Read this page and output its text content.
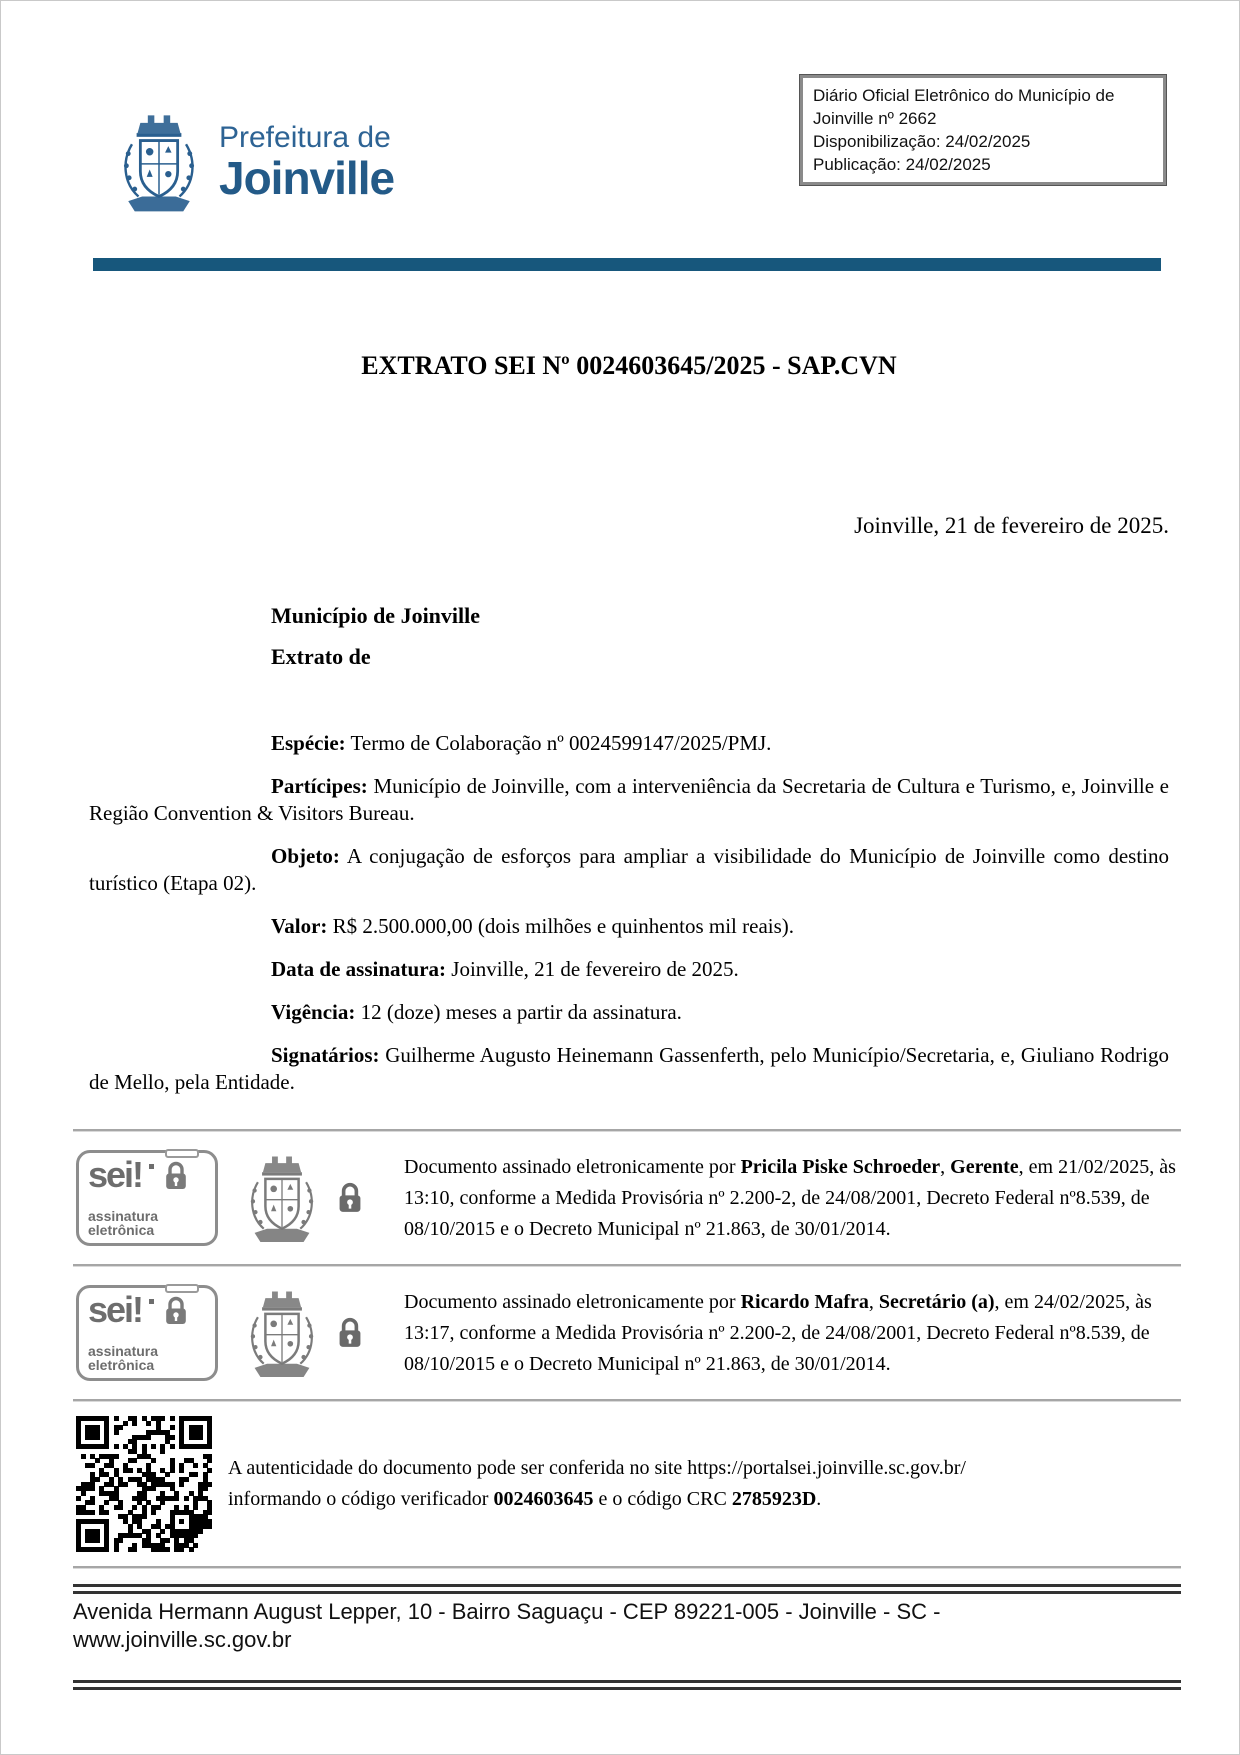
Prefeitura de
Joinville
Diário Oficial Eletrônico do Município de
Joinville nº 2662
Disponibilização: 24/02/2025
Publicação: 24/02/2025
EXTRATO SEI Nº 0024603645/2025 - SAP.CVN
Joinville, 21 de fevereiro de 2025.
Município de Joinville
Extrato de

Espécie: Termo de Colaboração nº 0024599147/2025/PMJ.

Partícipes: Município de Joinville, com a interveniência da Secretaria de Cultura e Turismo, e, Joinville e Região Convention & Visitors Bureau.

Objeto: A conjugação de esforços para ampliar a visibilidade do Município de Joinville como destino turístico (Etapa 02).

Valor: R$ 2.500.000,00 (dois milhões e quinhentos mil reais).

Data de assinatura: Joinville, 21 de fevereiro de 2025.

Vigência: 12 (doze) meses a partir da assinatura.

Signatários: Guilherme Augusto Heinemann Gassenferth, pelo Município/Secretaria, e, Giuliano Rodrigo de Mello, pela Entidade.

sei!
assinatura
eletrônica
Documento assinado eletronicamente por Pricila Piske Schroeder, Gerente, em 21/02/2025, às 13:10, conforme a Medida Provisória nº 2.200-2, de 24/08/2001, Decreto Federal nº8.539, de 08/10/2015 e o Decreto Municipal nº 21.863, de 30/01/2014.
sei!
assinatura
eletrônica
Documento assinado eletronicamente por Ricardo Mafra, Secretário (a), em 24/02/2025, às 13:17, conforme a Medida Provisória nº 2.200-2, de 24/08/2001, Decreto Federal nº8.539, de 08/10/2015 e o Decreto Municipal nº 21.863, de 30/01/2014.
A autenticidade do documento pode ser conferida no site https://portalsei.joinville.sc.gov.br/
informando o código verificador 0024603645 e o código CRC 2785923D.
Avenida Hermann August Lepper, 10 - Bairro Saguaçu - CEP 89221-005 - Joinville - SC -
www.joinville.sc.gov.br
